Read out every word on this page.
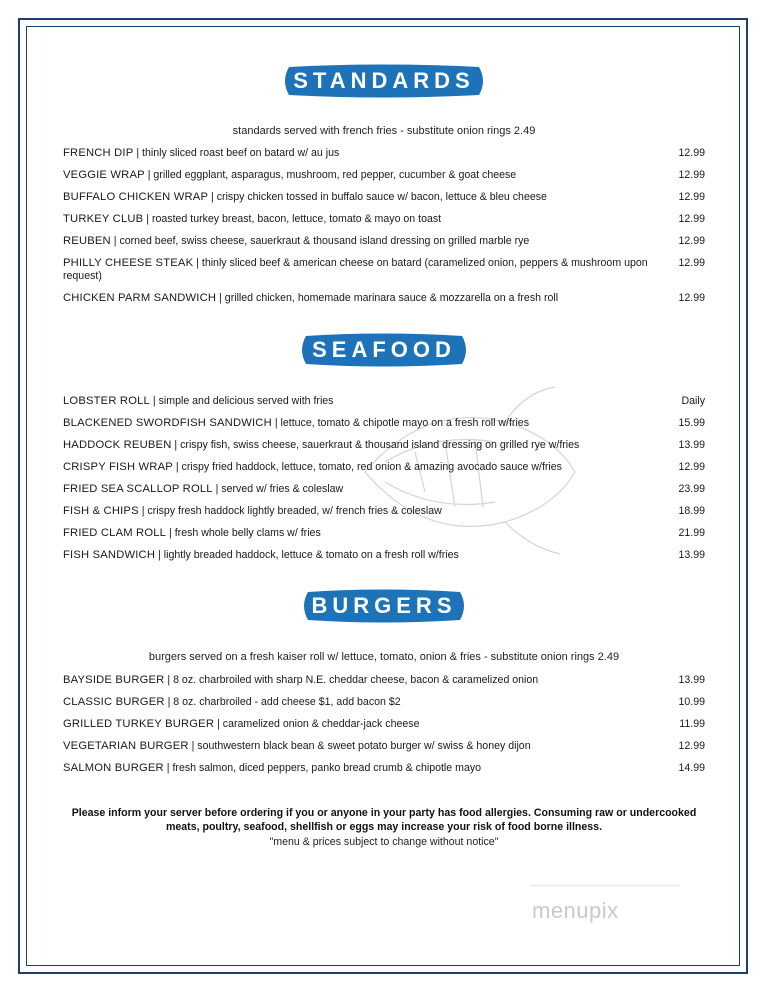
STANDARDS
standards served with french fries - substitute onion rings 2.49
FRENCH DIP | thinly sliced roast beef on batard w/ au jus	12.99
VEGGIE WRAP | grilled eggplant, asparagus, mushroom, red pepper, cucumber & goat cheese	12.99
BUFFALO CHICKEN WRAP | crispy chicken tossed in buffalo sauce w/ bacon, lettuce & bleu cheese	12.99
TURKEY CLUB | roasted turkey breast, bacon, lettuce, tomato & mayo on toast	12.99
REUBEN | corned beef, swiss cheese, sauerkraut & thousand island dressing on grilled marble rye	12.99
PHILLY CHEESE STEAK | thinly sliced beef & american cheese on batard (caramelized onion, peppers & mushroom upon request)
12.99
CHICKEN PARM SANDWICH | grilled chicken, homemade marinara sauce & mozzarella on a fresh roll	12.99
SEAFOOD
LOBSTER ROLL | simple and delicious served with fries	Daily
BLACKENED SWORDFISH SANDWICH | lettuce, tomato & chipotle mayo on a fresh roll w/fries	15.99
HADDOCK REUBEN | crispy fish, swiss cheese, sauerkraut & thousand island dressing on grilled rye w/fries	13.99
CRISPY FISH WRAP | crispy fried haddock, lettuce, tomato, red onion & amazing avocado sauce w/fries	12.99
FRIED SEA SCALLOP ROLL | served w/ fries & coleslaw	23.99
FISH & CHIPS | crispy fresh haddock lightly breaded, w/ french fries & coleslaw	18.99
FRIED CLAM ROLL | fresh whole belly clams w/ fries	21.99
FISH SANDWICH | lightly breaded haddock, lettuce & tomato on a fresh roll w/fries	13.99
BURGERS
burgers served on a fresh kaiser roll w/ lettuce, tomato, onion & fries - substitute onion rings 2.49
BAYSIDE BURGER | 8 oz. charbroiled with sharp N.E. cheddar cheese, bacon & caramelized onion	13.99
CLASSIC BURGER | 8 oz. charbroiled - add cheese $1, add bacon $2	10.99
GRILLED TURKEY BURGER | caramelized onion & cheddar-jack cheese	11.99
VEGETARIAN BURGER | southwestern black bean & sweet potato burger w/ swiss & honey dijon	12.99
SALMON BURGER | fresh salmon, diced peppers, panko bread crumb & chipotle mayo	14.99
Please inform your server before ordering if you or anyone in your party has food allergies. Consuming raw or undercooked
meats, poultry, seafood, shellfish or eggs may increase your risk of food borne illness.
"menu & prices subject to change without notice"
menupix
